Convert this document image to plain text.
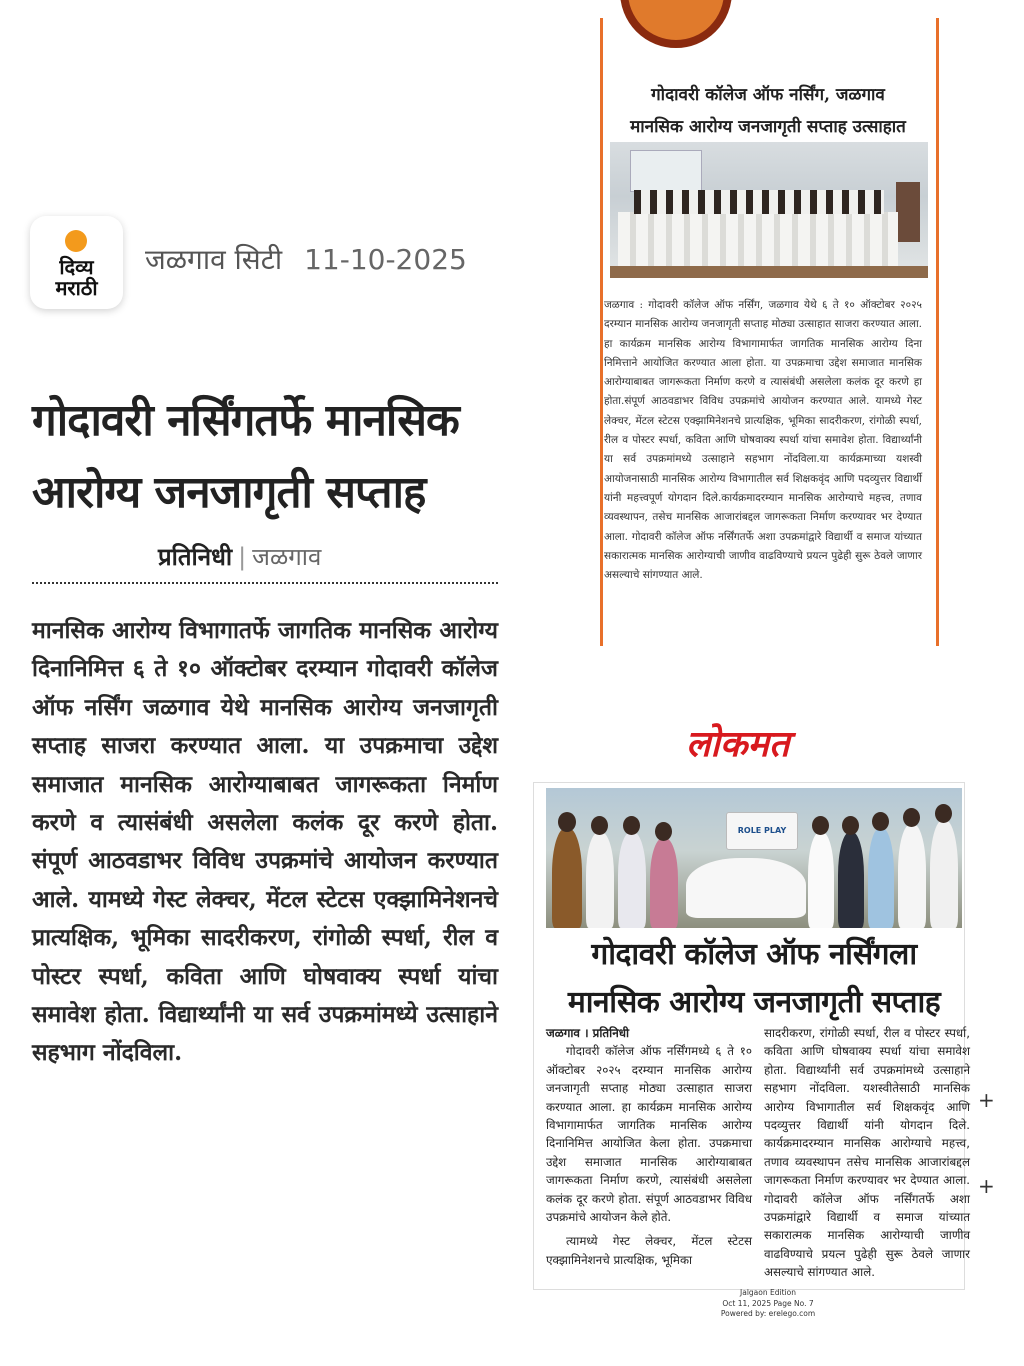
दिव्य
मराठी
जळगाव सिटी 11-10-2025
गोदावरी नर्सिंगतर्फे मानसिक
आरोग्य जनजागृती सप्ताह
प्रतिनिधी | जळगाव
मानसिक आरोग्य विभागातर्फे जागतिक मानसिक आरोग्य दिनानिमित्त ६ ते १० ऑक्टोबर दरम्यान गोदावरी कॉलेज ऑफ नर्सिंग जळगाव येथे मानसिक आरोग्य जनजागृती सप्ताह साजरा करण्यात आला. या उपक्रमाचा उद्देश समाजात मानसिक आरोग्याबाबत जागरूकता निर्माण करणे व त्यासंबंधी असलेला कलंक दूर करणे होता. संपूर्ण आठवडाभर विविध उपक्रमांचे आयोजन करण्यात आले. यामध्ये गेस्ट लेक्चर, मेंटल स्टेटस एक्झामिनेशनचे प्रात्यक्षिक, भूमिका सादरीकरण, रांगोळी स्पर्धा, रील व पोस्टर स्पर्धा, कविता आणि घोषवाक्य स्पर्धा यांचा समावेश होता. विद्यार्थ्यांनी या सर्व उपक्रमांमध्ये उत्साहाने सहभाग नोंदविला.
गोदावरी कॉलेज ऑफ नर्सिंग, जळगाव
मानसिक आरोग्य जनजागृती सप्ताह उत्साहात
जळगाव : गोदावरी कॉलेज ऑफ नर्सिंग, जळगाव येथे ६ ते १० ऑक्टोबर २०२५ दरम्यान मानसिक आरोग्य जनजागृती सप्ताह मोठ्या उत्साहात साजरा करण्यात आला. हा कार्यक्रम मानसिक आरोग्य विभागामार्फत जागतिक मानसिक आरोग्य दिना निमित्ताने आयोजित करण्यात आला होता. या उपक्रमाचा उद्देश समाजात मानसिक आरोग्याबाबत जागरूकता निर्माण करणे व त्यासंबंधी असलेला कलंक दूर करणे हा होता.संपूर्ण आठवडाभर विविध उपक्रमांचे आयोजन करण्यात आले. यामध्ये गेस्ट लेक्चर, मेंटल स्टेटस एक्झामिनेशनचे प्रात्यक्षिक, भूमिका सादरीकरण, रांगोळी स्पर्धा, रील व पोस्टर स्पर्धा, कविता आणि घोषवाक्य स्पर्धा यांचा समावेश होता. विद्यार्थ्यांनी या सर्व उपक्रमांमध्ये उत्साहाने सहभाग नोंदविला.या कार्यक्रमाच्या यशस्वी आयोजनासाठी मानसिक आरोग्य विभागातील सर्व शिक्षकवृंद आणि पदव्युत्तर विद्यार्थी यांनी महत्त्वपूर्ण योगदान दिले.कार्यक्रमादरम्यान मानसिक आरोग्याचे महत्त्व, तणाव व्यवस्थापन, तसेच मानसिक आजारांबद्दल जागरूकता निर्माण करण्यावर भर देण्यात आला. गोदावरी कॉलेज ऑफ नर्सिंगतर्फे अशा उपक्रमांद्वारे विद्यार्थी व समाज यांच्यात सकारात्मक मानसिक आरोग्याची जाणीव वाढविण्याचे प्रयत्न पुढेही सुरू ठेवले जाणार असल्याचे सांगण्यात आले.
लोकमत
ROLE PLAY
गोदावरी कॉलेज ऑफ नर्सिंगला
मानसिक आरोग्य जनजागृती सप्ताह
जळगाव । प्रतिनिधी
गोदावरी कॉलेज ऑफ नर्सिंगमध्ये ६ ते १० ऑक्टोबर २०२५ दरम्यान मानसिक आरोग्य जनजागृती सप्ताह मोठ्या उत्साहात साजरा करण्यात आला. हा कार्यक्रम मानसिक आरोग्य विभागामार्फत जागतिक मानसिक आरोग्य दिनानिमित्त आयोजित केला होता. उपक्रमाचा उद्देश समाजात मानसिक आरोग्याबाबत जागरूकता निर्माण करणे, त्यासंबंधी असलेला कलंक दूर करणे होता. संपूर्ण आठवडाभर विविध उपक्रमांचे आयोजन केले होते.
त्यामध्ये गेस्ट लेक्चर, मेंटल स्टेटस एक्झामिनेशनचे प्रात्यक्षिक, भूमिका
सादरीकरण, रांगोळी स्पर्धा, रील व पोस्टर स्पर्धा, कविता आणि घोषवाक्य स्पर्धा यांचा समावेश होता. विद्यार्थ्यांनी सर्व उपक्रमांमध्ये उत्साहाने सहभाग नोंदविला. यशस्वीतेसाठी मानसिक आरोग्य विभागातील सर्व शिक्षकवृंद आणि पदव्युत्तर विद्यार्थी यांनी योगदान दिले. कार्यक्रमादरम्यान मानसिक आरोग्याचे महत्त्व, तणाव व्यवस्थापन तसेच मानसिक आजारांबद्दल जागरूकता निर्माण करण्यावर भर देण्यात आला. गोदावरी कॉलेज ऑफ नर्सिंगतर्फे अशा उपक्रमांद्वारे विद्यार्थी व समाज यांच्यात सकारात्मक मानसिक आरोग्याची जाणीव वाढविण्याचे प्रयत्न पुढेही सुरू ठेवले जाणार असल्याचे सांगण्यात आले.
+
+
Jalgaon Edition
Oct 11, 2025 Page No. 7
Powered by: erelego.com
